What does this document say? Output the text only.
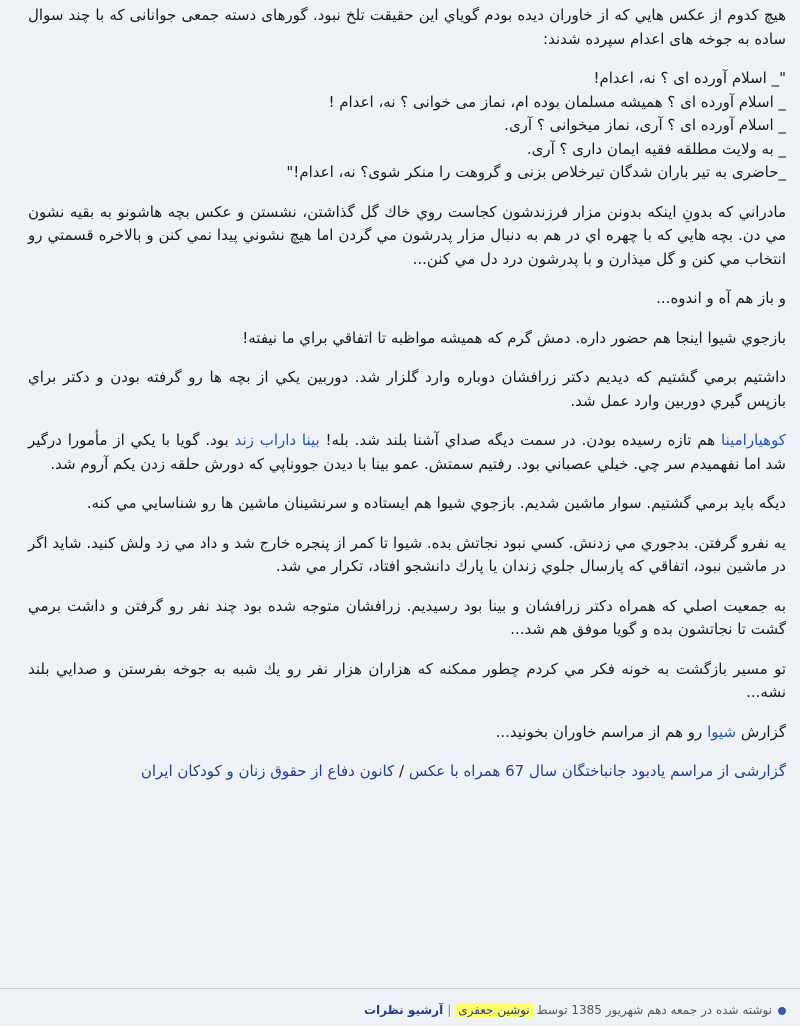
هيچ کدوم از عکس هايي که از خاوران ديده بودم گوياي اين حقيقت تلخ نبود. گورهای دسته جمعی جوانانی که با چند سوال ساده به جوخه های اعدام سپرده شدند:

"_ اسلام آورده ای ؟ نه، اعدام!
_ اسلام آورده ای ؟ همیشه مسلمان بوده ام، نماز می خوانی ؟ نه، اعدام !
_ اسلام آورده ای ؟ آری، نماز میخوانی ؟ آری.
_ به ولایت مطلقه فقیه ایمان داری ؟ آری.
_حاضری به تیر باران شدگان تیرخلاص بزنی و گروهت را منکر شوی؟ نه، اعدام!"

مادراني که بدونِ اينکه بدونن مزار فرزندشون کجاست روي خاك گل گذاشتن، نشستن و عکس بچه هاشونو به بقيه نشون مي دن. بچه هايي که با چهره اي در هم به دنبال مزار پدرشون مي گردن اما هيچ نشوني پيدا نمي کنن و بالاخره قسمتي رو انتخاب مي کنن و گل ميذارن و با پدرشون درد دل مي کنن...

و باز هم آه و اندوه...

بازجوي شيوا اينجا هم حضور داره. دمش گرم که هميشه مواظبه تا اتفاقي براي ما نيفته!

داشتيم برمي گشتيم که ديديم دکتر زرافشان دوباره وارد گلزار شد. دوربين يکي از بچه ها رو گرفته بودن و دکتر براي بازپس گيري دوربين وارد عمل شد.

کوهيارامينا هم تازه رسيده بودن. در سمت ديگه صداي آشنا بلند شد. بله! بينا داراب زند بود. گويا با يکي از مأمورا درگير شد اما نفهميدم سر چي. خيلي عصباني بود. رفتيم سمتش. عمو بينا با ديدن جووناپي که دورش حلقه زدن يکم آروم شد.

ديگه بايد برمي گشتيم. سوار ماشين شديم. بازجوي شيوا هم ايستاده و سرنشينان ماشين ها رو شناسايي مي کنه.

يه نفرو گرفتن. بدجوري مي زدنش. کسي نبود نجاتش بده. شيوا تا کمر از پنجره خارج شد و داد مي زد ولش کنيد. شايد اگر در ماشين نبود، اتفاقي که پارسال جلوي زندان يا پارك دانشجو افتاد، تکرار مي شد.

به جمعيت اصلي که همراه دکتر زرافشان و بينا بود رسيديم. زرافشان متوجه شده بود چند نفر رو گرفتن و داشت برمي گشت تا نجاتشون بده و گويا موفق هم شد...

تو مسير بازگشت به خونه فکر مي کردم چطور ممکنه که هزاران هزار نفر رو يك شبه به جوخه بفرستن و صدايي بلند نشه...

گزارش شيوا رو هم از مراسم خاوران بخونيد...

گزارشی از مراسم يادبود جانباختگان سال 67 همراه با عکس / کانون دفاع از حقوق زنان و کودکان ایران

نوشته شده در جمعه دهم شهريور 1385 توسط نوشين جعفری|آرشيو نظرات
